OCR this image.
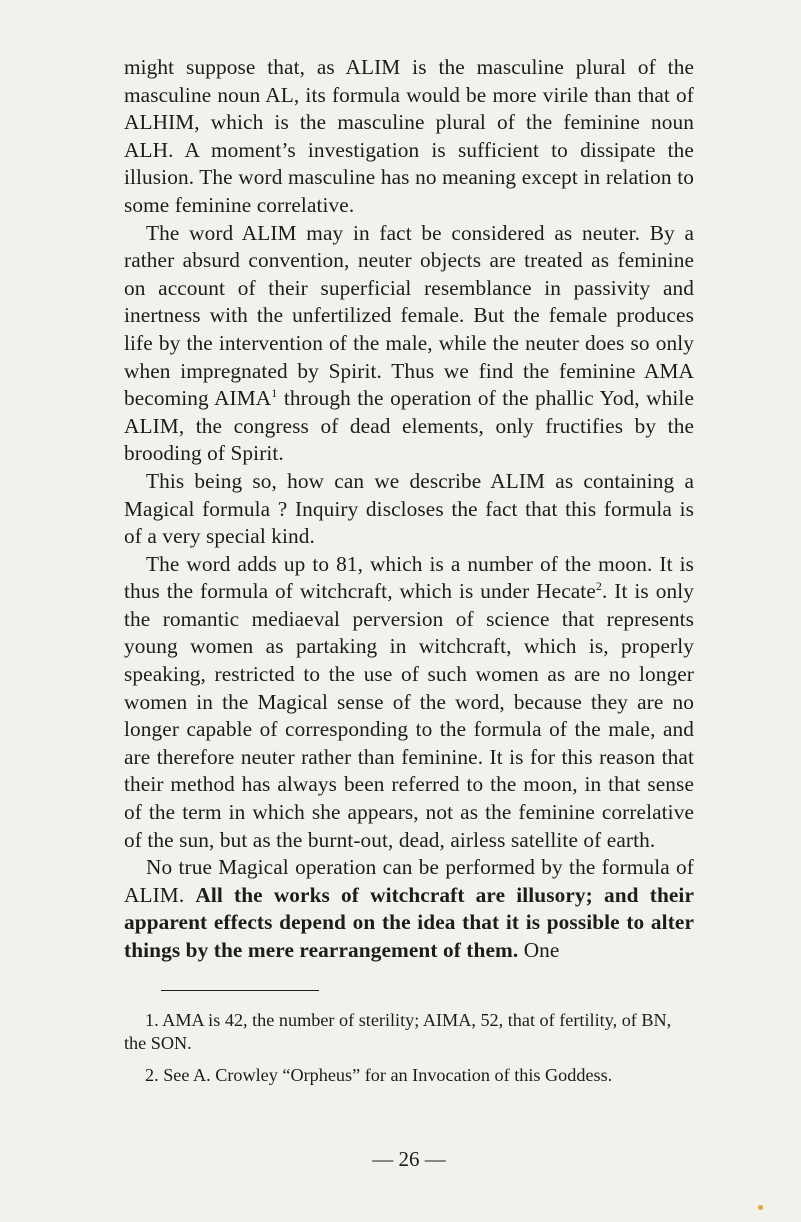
might suppose that, as ALIM is the masculine plural of the masculine noun AL, its formula would be more virile than that of ALHIM, which is the masculine plural of the feminine noun ALH. A moment’s investigation is sufficient to dissipate the illusion. The word masculine has no meaning except in relation to some feminine correlative.

The word ALIM may in fact be considered as neuter. By a rather absurd convention, neuter objects are treated as feminine on account of their superficial resemblance in passivity and inertness with the unfertilized female. But the female produces life by the intervention of the male, while the neuter does so only when impregnated by Spirit. Thus we find the feminine AMA becoming AIMA$^1$ through the operation of the phallic Yod, while ALIM, the congress of dead elements, only fructifies by the brooding of Spirit.

This being so, how can we describe ALIM as containing a Magical formula ? Inquiry discloses the fact that this formula is of a very special kind.

The word adds up to 81, which is a number of the moon. It is thus the formula of witchcraft, which is under Hecate$^2$. It is only the romantic mediaeval perversion of science that represents young women as partaking in witchcraft, which is, properly speaking, restricted to the use of such women as are no longer women in the Magical sense of the word, because they are no longer capable of corresponding to the formula of the male, and are therefore neuter rather than feminine. It is for this reason that their method has always been referred to the moon, in that sense of the term in which she appears, not as the feminine correlative of the sun, but as the burnt-out, dead, airless satellite of earth.

No true Magical operation can be performed by the formula of ALIM. All the works of witchcraft are illusory; and their apparent effects depend on the idea that it is possible to alter things by the mere rearrangement of them. One

1. AMA is 42, the number of sterility; AIMA, 52, that of fertility, of BN, the SON.

2. See A. Crowley “Orpheus” for an Invocation of this Goddess.

— 26 —
